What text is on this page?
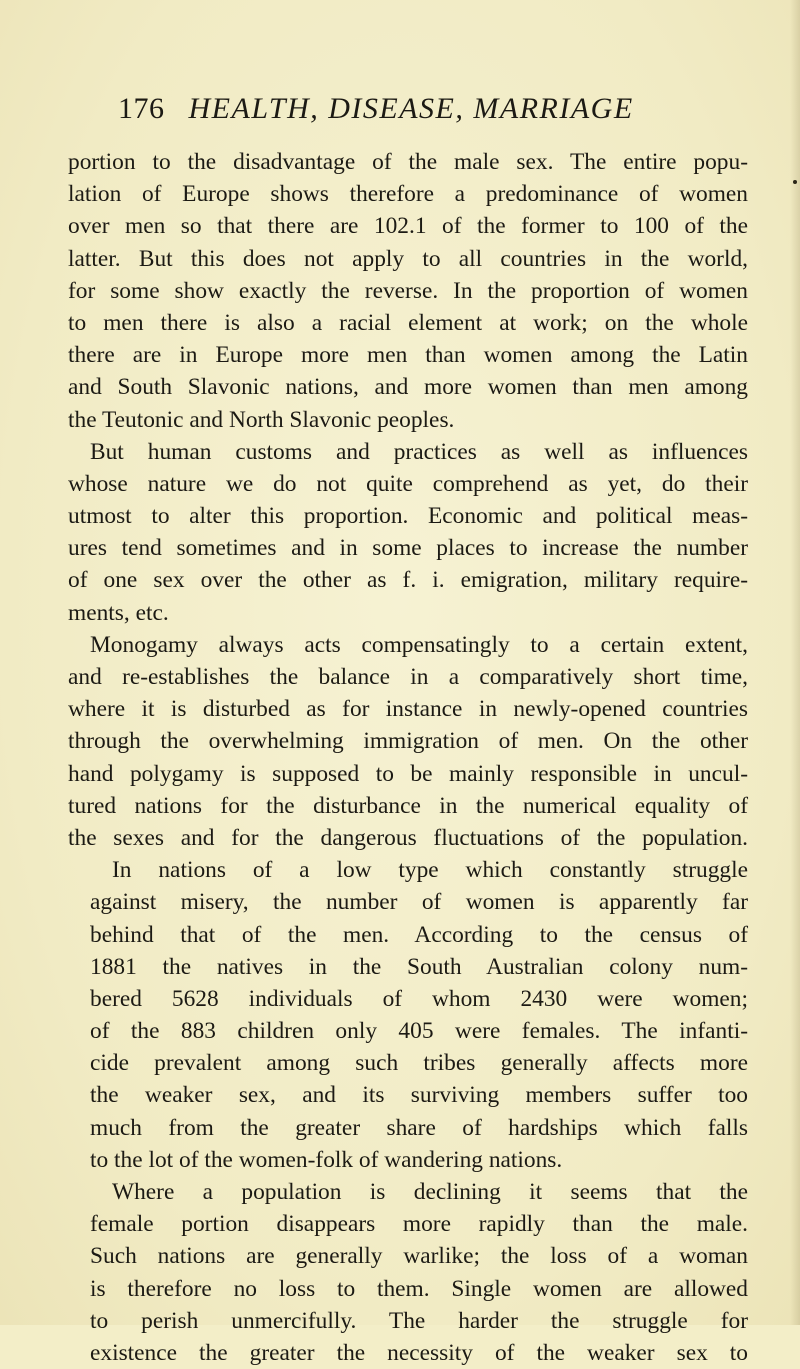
176 HEALTH, DISEASE, MARRIAGE
portion to the disadvantage of the male sex. The entire popu-
lation of Europe shows therefore a predominance of women
over men so that there are 102.1 of the former to 100 of the
latter. But this does not apply to all countries in the world,
for some show exactly the reverse. In the proportion of women
to men there is also a racial element at work; on the whole
there are in Europe more men than women among the Latin
and South Slavonic nations, and more women than men among
the Teutonic and North Slavonic peoples.
But human customs and practices as well as influences
whose nature we do not quite comprehend as yet, do their
utmost to alter this proportion. Economic and political meas-
ures tend sometimes and in some places to increase the number
of one sex over the other as f. i. emigration, military require-
ments, etc.
Monogamy always acts compensatingly to a certain extent,
and re-establishes the balance in a comparatively short time,
where it is disturbed as for instance in newly-opened countries
through the overwhelming immigration of men. On the other
hand polygamy is supposed to be mainly responsible in uncul-
tured nations for the disturbance in the numerical equality of
the sexes and for the dangerous fluctuations of the population.
In nations of a low type which constantly struggle
against misery, the number of women is apparently far
behind that of the men. According to the census of
1881 the natives in the South Australian colony num-
bered 5628 individuals of whom 2430 were women;
of the 883 children only 405 were females. The infanti-
cide prevalent among such tribes generally affects more
the weaker sex, and its surviving members suffer too
much from the greater share of hardships which falls
to the lot of the women-folk of wandering nations.
Where a population is declining it seems that the
female portion disappears more rapidly than the male.
Such nations are generally warlike; the loss of a woman
is therefore no loss to them. Single women are allowed
to perish unmercifully. The harder the struggle for
existence the greater the necessity of the weaker sex to
